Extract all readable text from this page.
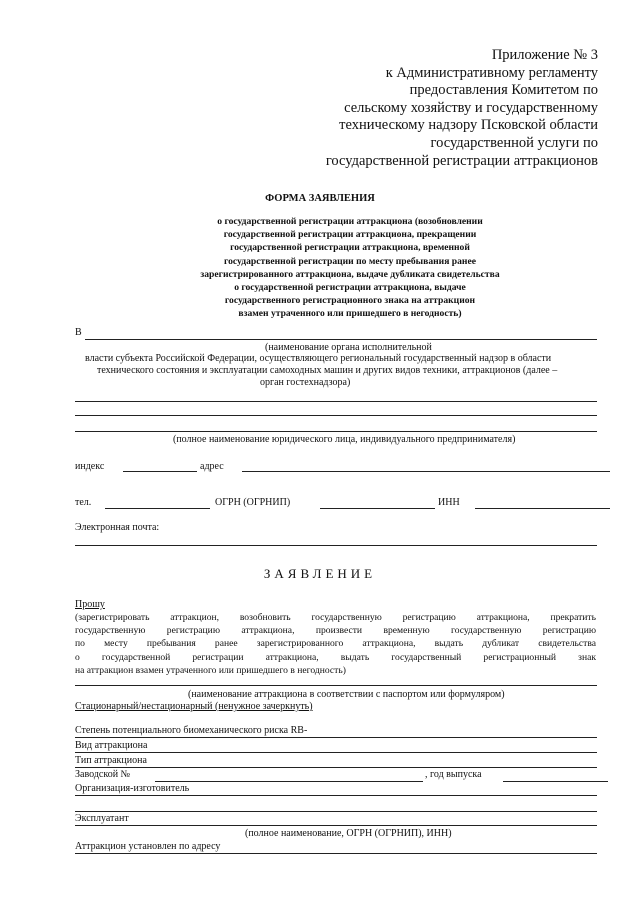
Приложение № 3
к Административному регламенту
предоставления Комитетом по
сельскому хозяйству и государственному
техническому надзору Псковской области
государственной услуги по
государственной регистрации аттракционов
ФОРМА ЗАЯВЛЕНИЯ
о государственной регистрации аттракциона (возобновлении
государственной регистрации аттракциона, прекращении
государственной регистрации аттракциона, временной
государственной регистрации по месту пребывания ранее
зарегистрированного аттракциона, выдаче дубликата свидетельства
о государственной регистрации аттракциона, выдаче
государственного регистрационного знака на аттракцион
взамен утраченного или пришедшего в негодность)
В
(наименование органа исполнительной
власти субъекта Российской Федерации, осуществляющего региональный государственный надзор в области
технического состояния и эксплуатации самоходных машин и других видов техники, аттракционов (далее –
орган гостехнадзора)
(полное наименование юридического лица, индивидуального предпринимателя)
индекс	адрес
тел.	ОГРН (ОГРНИП)	ИНН
Электронная почта:
ЗАЯВЛЕНИЕ
Прошу
(зарегистрировать аттракцион, возобновить государственную регистрацию аттракциона, прекратить
государственную регистрацию аттракциона, произвести временную государственную регистрацию
по месту пребывания ранее зарегистрированного аттракциона, выдать дубликат свидетельства
о государственной регистрации аттракциона, выдать государственный регистрационный знак
на аттракцион взамен утраченного или пришедшего в негодность)
(наименование аттракциона в соответствии с паспортом или формуляром)
Стационарный/нестационарный (ненужное зачеркнуть)
Степень потенциального биомеханического риска RB-
Вид аттракциона
Тип аттракциона
Заводской №	, год выпуска
Организация-изготовитель
Эксплуатант
(полное наименование, ОГРН (ОГРНИП), ИНН)
Аттракцион установлен по адресу
